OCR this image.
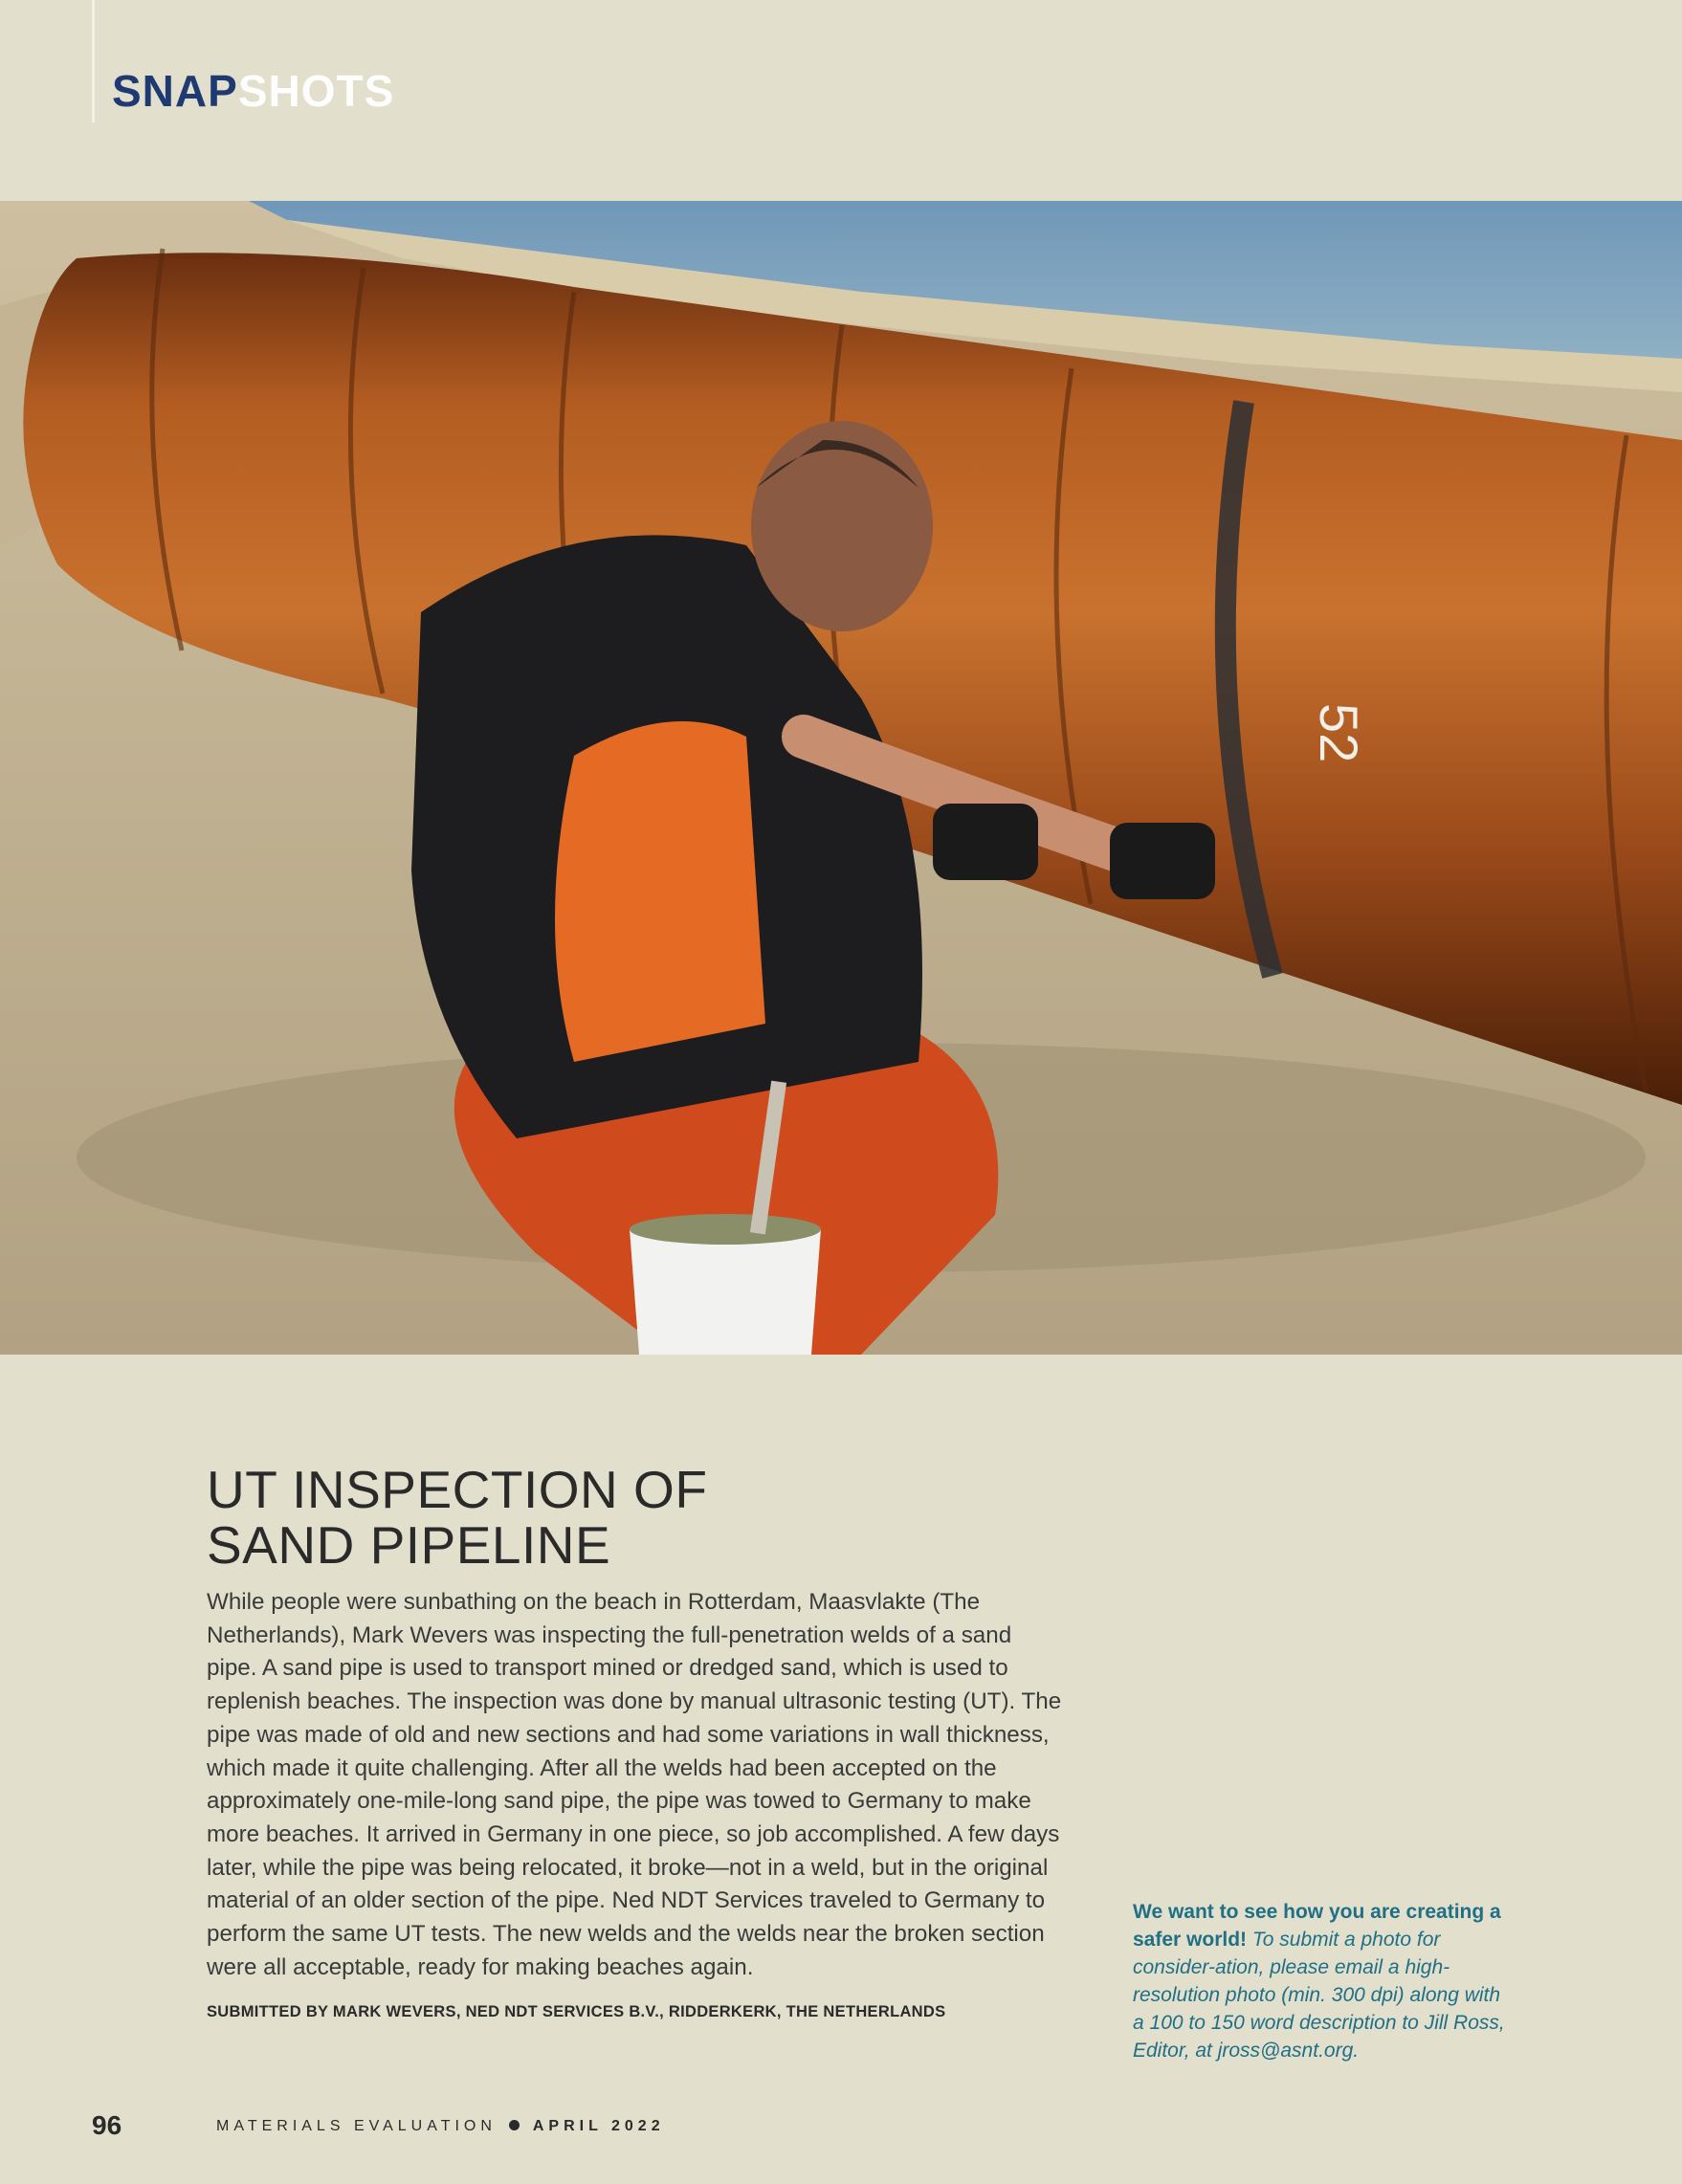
SNAPSHOTS
52
UT INSPECTION OF
SAND PIPELINE

While people were sunbathing on the beach in Rotterdam, Maasvlakte (The Netherlands), Mark Wevers was inspecting the full-penetration welds of a sand pipe. A sand pipe is used to transport mined or dredged sand, which is used to replenish beaches. The inspection was done by manual ultrasonic testing (UT). The pipe was made of old and new sections and had some variations in wall thickness, which made it quite challenging. After all the welds had been accepted on the approximately one-mile-long sand pipe, the pipe was towed to Germany to make more beaches. It arrived in Germany in one piece, so job accomplished. A few days later, while the pipe was being relocated, it broke—not in a weld, but in the original material of an older section of the pipe. Ned NDT Services traveled to Germany to perform the same UT tests. The new welds and the welds near the broken section were all acceptable, ready for making beaches again.

SUBMITTED BY MARK WEVERS, NED NDT SERVICES B.V., RIDDERKERK, THE NETHERLANDS

We want to see how you are creating a safer world! To submit a photo for consider-ation, please email a high-resolution photo (min. 300 dpi) along with a 100 to 150 word description to Jill Ross, Editor, at jross@asnt.org.
96	MATERIALS EVALUATION APRIL 2022
